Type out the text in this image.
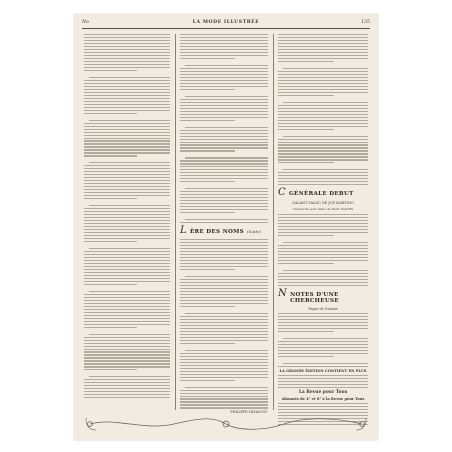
No	LA MODE ILLUSTRÉE	135
L ÈRE DES NOMS (Suite).
PHILIPPE LEMAUNY.
C GÉNÉRALE DEBUT
GALANT MAGIC DE JOE MARTINO
Transcrite pour piano de PAUL WACHS
N NOTES D'UNE CHERCHEUSE
Pages de Cuisine
LA GRANDE ÉDITION CONTIENT EN PLUS
La Revue pour Tous
Abonnés de 4° et 8° à la Revue pour Tous
